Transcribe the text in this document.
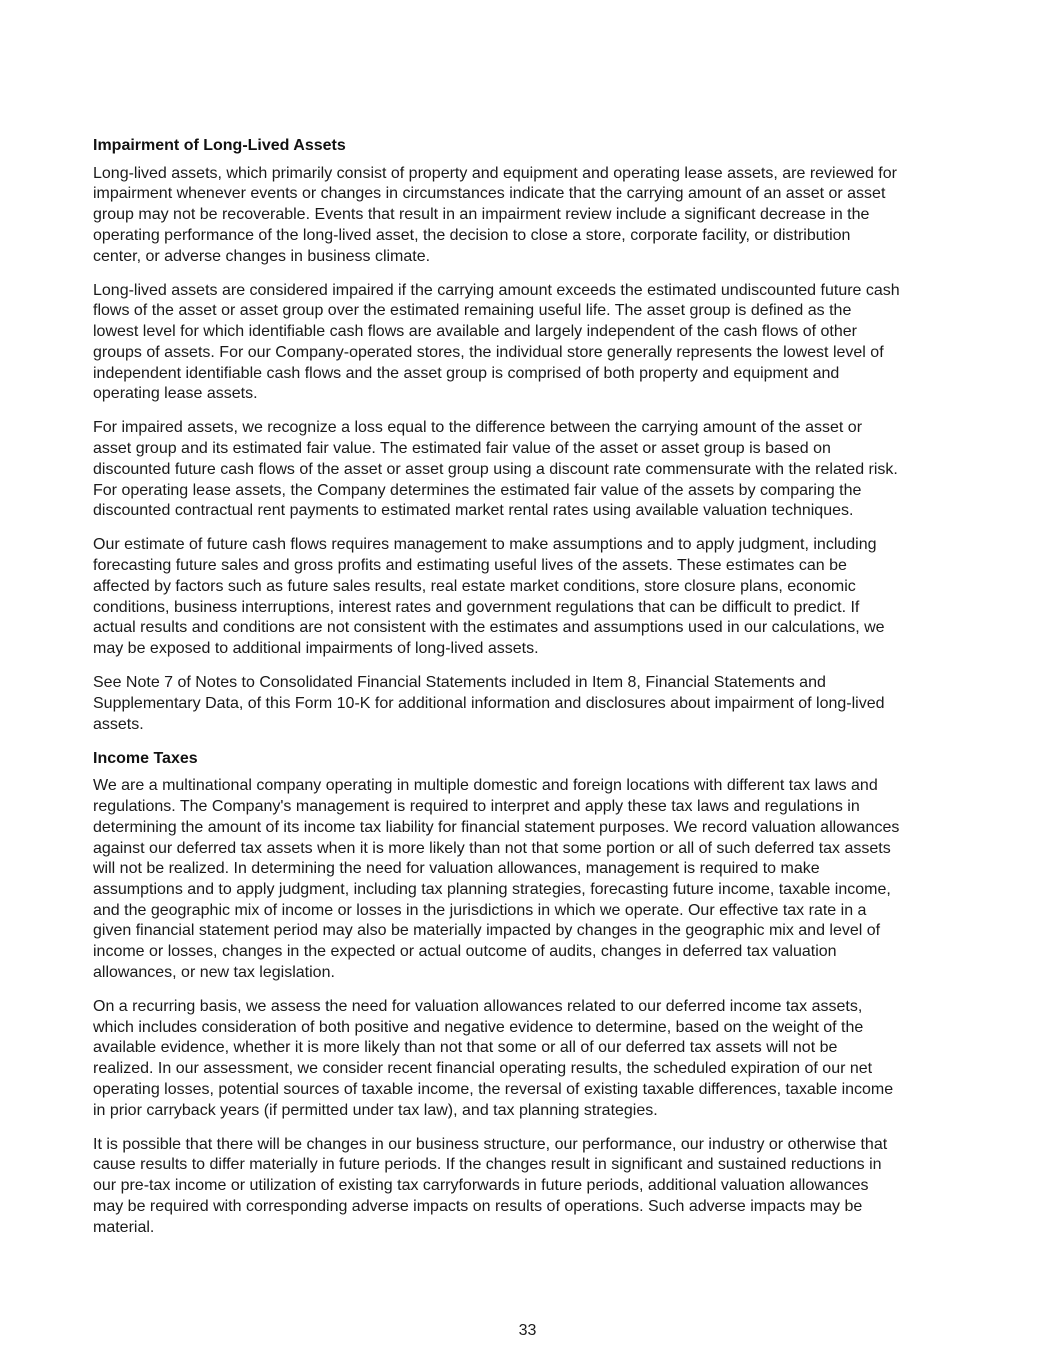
Impairment of Long-Lived Assets

Long-lived assets, which primarily consist of property and equipment and operating lease assets, are reviewed for
impairment whenever events or changes in circumstances indicate that the carrying amount of an asset or asset
group may not be recoverable. Events that result in an impairment review include a significant decrease in the
operating performance of the long-lived asset, the decision to close a store, corporate facility, or distribution
center, or adverse changes in business climate.

Long-lived assets are considered impaired if the carrying amount exceeds the estimated undiscounted future cash
flows of the asset or asset group over the estimated remaining useful life. The asset group is defined as the
lowest level for which identifiable cash flows are available and largely independent of the cash flows of other
groups of assets. For our Company-operated stores, the individual store generally represents the lowest level of
independent identifiable cash flows and the asset group is comprised of both property and equipment and
operating lease assets.

For impaired assets, we recognize a loss equal to the difference between the carrying amount of the asset or
asset group and its estimated fair value. The estimated fair value of the asset or asset group is based on
discounted future cash flows of the asset or asset group using a discount rate commensurate with the related risk.
For operating lease assets, the Company determines the estimated fair value of the assets by comparing the
discounted contractual rent payments to estimated market rental rates using available valuation techniques.

Our estimate of future cash flows requires management to make assumptions and to apply judgment, including
forecasting future sales and gross profits and estimating useful lives of the assets. These estimates can be
affected by factors such as future sales results, real estate market conditions, store closure plans, economic
conditions, business interruptions, interest rates and government regulations that can be difficult to predict. If
actual results and conditions are not consistent with the estimates and assumptions used in our calculations, we
may be exposed to additional impairments of long-lived assets.

See Note 7 of Notes to Consolidated Financial Statements included in Item 8, Financial Statements and
Supplementary Data, of this Form 10-K for additional information and disclosures about impairment of long-lived
assets.

Income Taxes

We are a multinational company operating in multiple domestic and foreign locations with different tax laws and
regulations. The Company's management is required to interpret and apply these tax laws and regulations in
determining the amount of its income tax liability for financial statement purposes. We record valuation allowances
against our deferred tax assets when it is more likely than not that some portion or all of such deferred tax assets
will not be realized. In determining the need for valuation allowances, management is required to make
assumptions and to apply judgment, including tax planning strategies, forecasting future income, taxable income,
and the geographic mix of income or losses in the jurisdictions in which we operate. Our effective tax rate in a
given financial statement period may also be materially impacted by changes in the geographic mix and level of
income or losses, changes in the expected or actual outcome of audits, changes in deferred tax valuation
allowances, or new tax legislation.

On a recurring basis, we assess the need for valuation allowances related to our deferred income tax assets,
which includes consideration of both positive and negative evidence to determine, based on the weight of the
available evidence, whether it is more likely than not that some or all of our deferred tax assets will not be
realized. In our assessment, we consider recent financial operating results, the scheduled expiration of our net
operating losses, potential sources of taxable income, the reversal of existing taxable differences, taxable income
in prior carryback years (if permitted under tax law), and tax planning strategies.

It is possible that there will be changes in our business structure, our performance, our industry or otherwise that
cause results to differ materially in future periods. If the changes result in significant and sustained reductions in
our pre-tax income or utilization of existing tax carryforwards in future periods, additional valuation allowances
may be required with corresponding adverse impacts on results of operations. Such adverse impacts may be
material.

33
